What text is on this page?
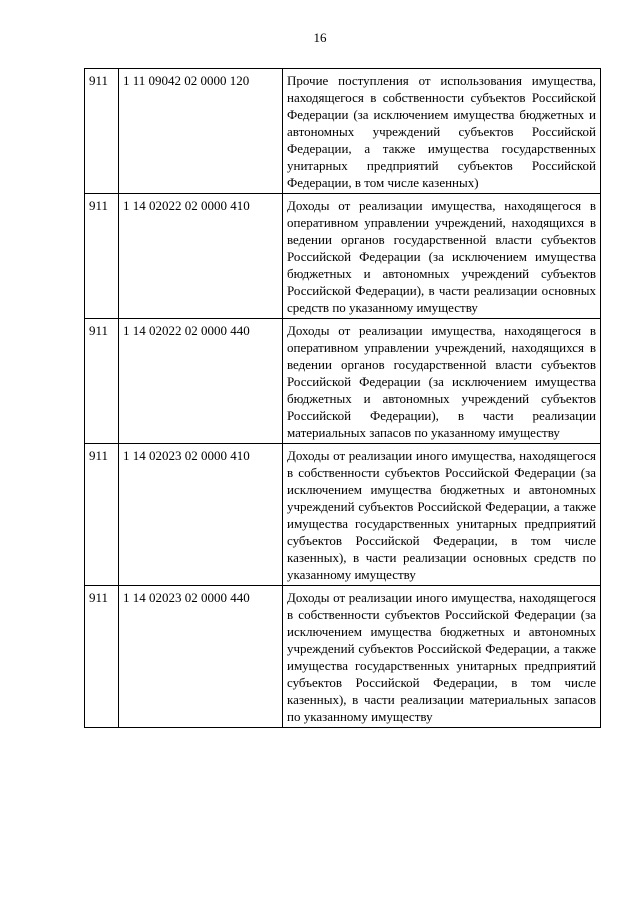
16
911	1 11 09042 02 0000 120	Прочие поступления от использования имущества, находящегося в собственности субъектов Российской Федерации (за исключением имущества бюджетных и автономных учреждений субъектов Российской Федерации, а также имущества государственных унитарных предприятий субъектов Российской Федерации, в том числе казенных)
911	1 14 02022 02 0000 410	Доходы от реализации имущества, находящегося в оперативном управлении учреждений, находящихся в ведении органов государственной власти субъектов Российской Федерации (за исключением имущества бюджетных и автономных учреждений субъектов Российской Федерации), в части реализации основных средств по указанному имуществу
911	1 14 02022 02 0000 440	Доходы от реализации имущества, находящегося в оперативном управлении учреждений, находящихся в ведении органов государственной власти субъектов Российской Федерации (за исключением имущества бюджетных и автономных учреждений субъектов Российской Федерации), в части реализации материальных запасов по указанному имуществу
911	1 14 02023 02 0000 410	Доходы от реализации иного имущества, находящегося в собственности субъектов Российской Федерации (за исключением имущества бюджетных и автономных учреждений субъектов Российской Федерации, а также имущества государственных унитарных предприятий субъектов Российской Федерации, в том числе казенных), в части реализации основных средств по указанному имуществу
911	1 14 02023 02 0000 440	Доходы от реализации иного имущества, находящегося в собственности субъектов Российской Федерации (за исключением имущества бюджетных и автономных учреждений субъектов Российской Федерации, а также имущества государственных унитарных предприятий субъектов Российской Федерации, в том числе казенных), в части реализации материальных запасов по указанному имуществу
